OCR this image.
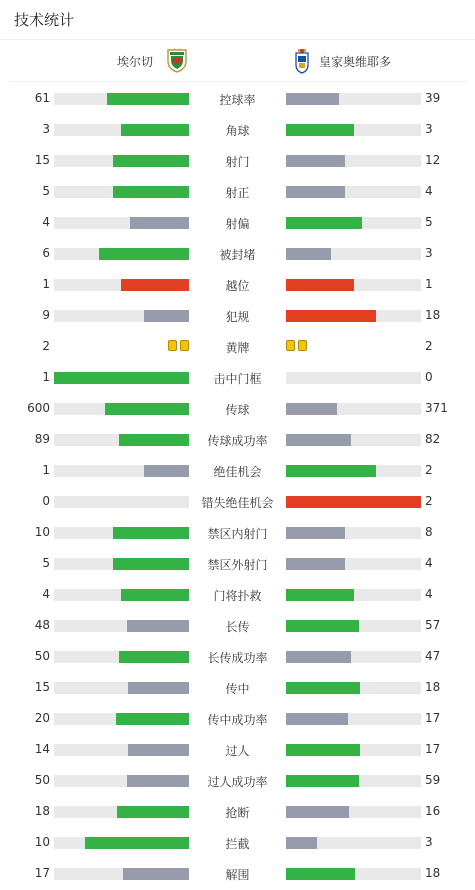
技术统计
埃尔切	皇家奥维耶多
61	控球率	39
3	角球	3
15	射门	12
5	射正	4
4	射偏	5
6	被封堵	3
1	越位	1
9	犯规	18
2	黄牌	2
1	击中门框	0
600	传球	371
89	传球成功率	82
1	绝佳机会	2
0	错失绝佳机会	2
10	禁区内射门	8
5	禁区外射门	4
4	门将扑救	4
48	长传	57
50	长传成功率	47
15	传中	18
20	传中成功率	17
14	过人	17
50	过人成功率	59
18	抢断	16
10	拦截	3
17	解围	18
